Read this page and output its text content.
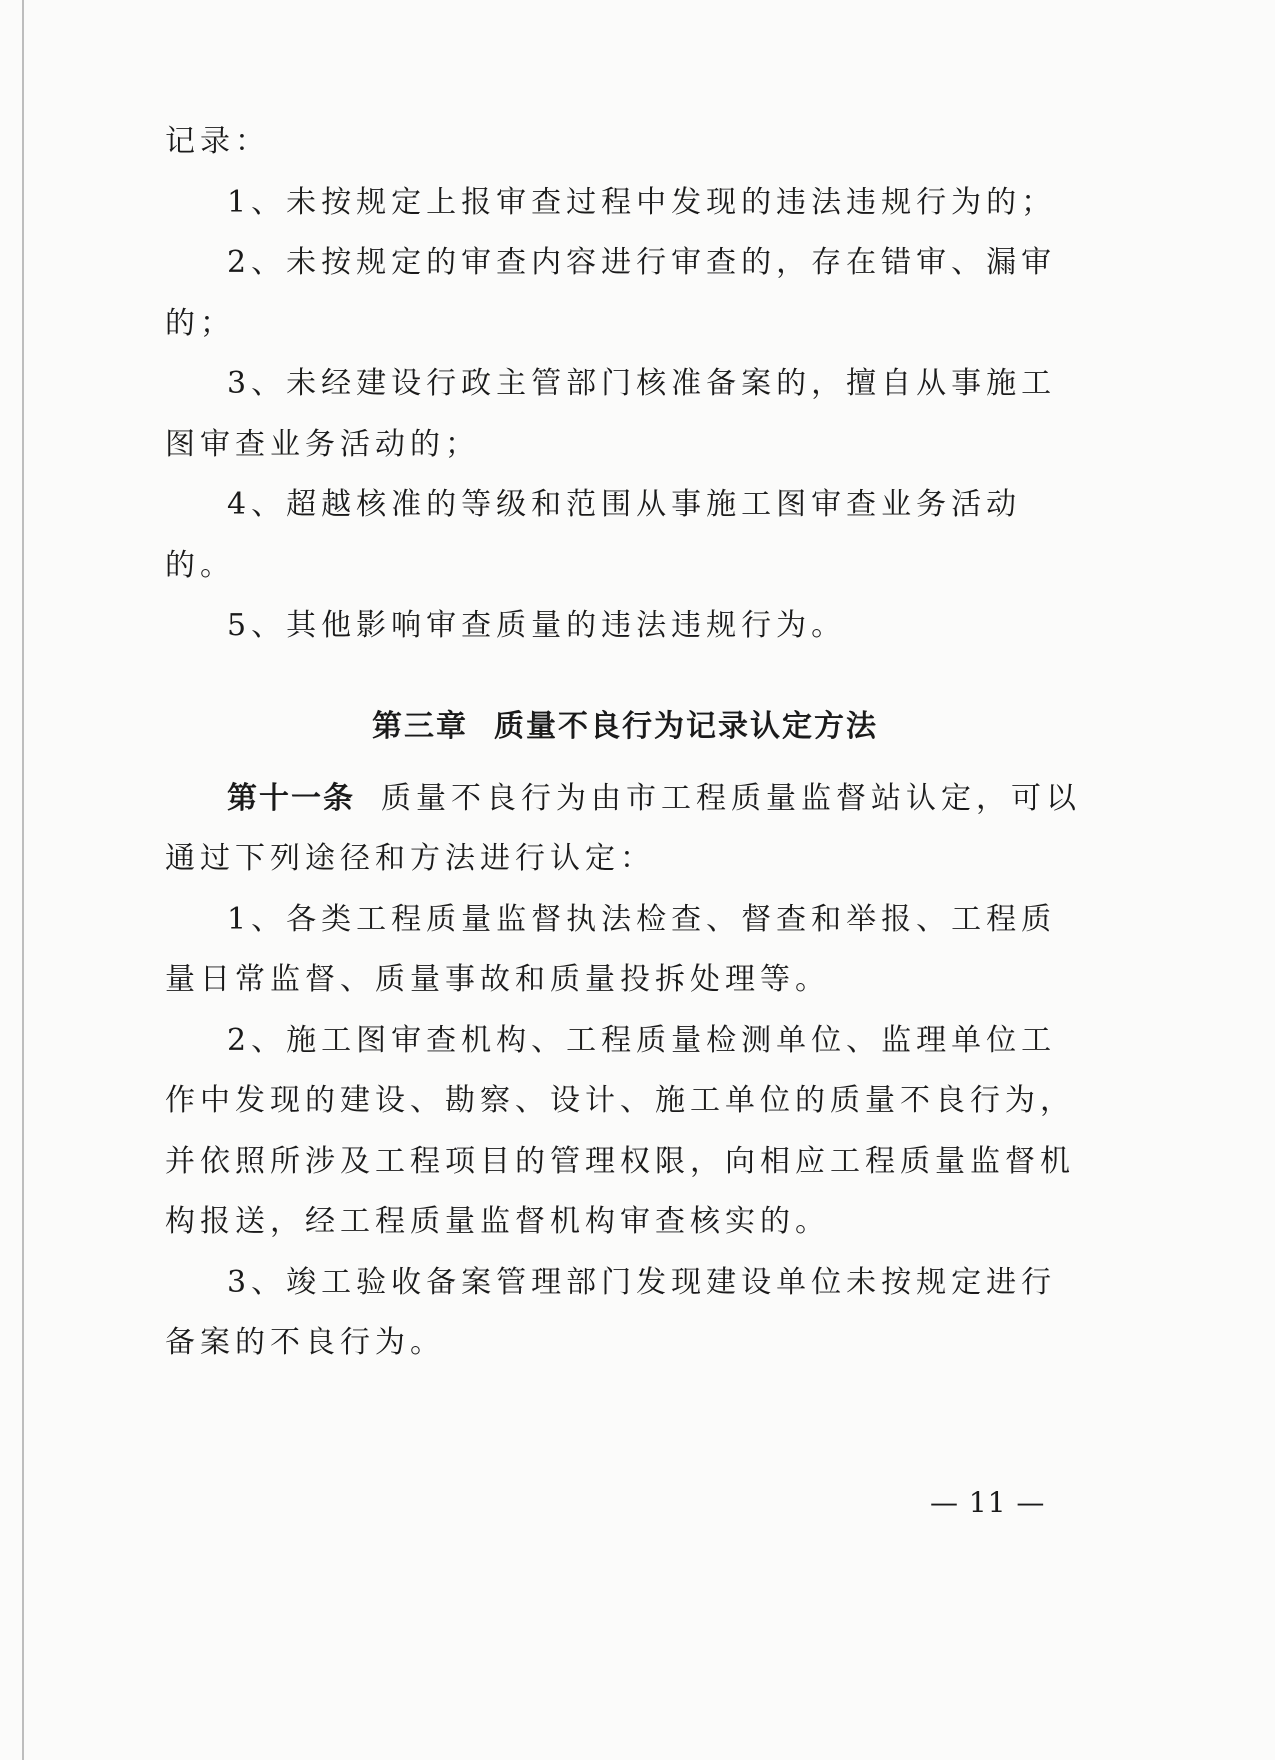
记录：

1、未按规定上报审查过程中发现的违法违规行为的；

2、未按规定的审查内容进行审查的，存在错审、漏审的；

3、未经建设行政主管部门核准备案的，擅自从事施工图审查业务活动的；

4、超越核准的等级和范围从事施工图审查业务活动的。

5、其他影响审查质量的违法违规行为。

第三章 质量不良行为记录认定方法

第十一条 质量不良行为由市工程质量监督站认定，可以通过下列途径和方法进行认定：

1、各类工程质量监督执法检查、督查和举报、工程质量日常监督、质量事故和质量投拆处理等。

2、施工图审查机构、工程质量检测单位、监理单位工作中发现的建设、勘察、设计、施工单位的质量不良行为，并依照所涉及工程项目的管理权限，向相应工程质量监督机构报送，经工程质量监督机构审查核实的。

3、竣工验收备案管理部门发现建设单位未按规定进行备案的不良行为。

— 11 —
